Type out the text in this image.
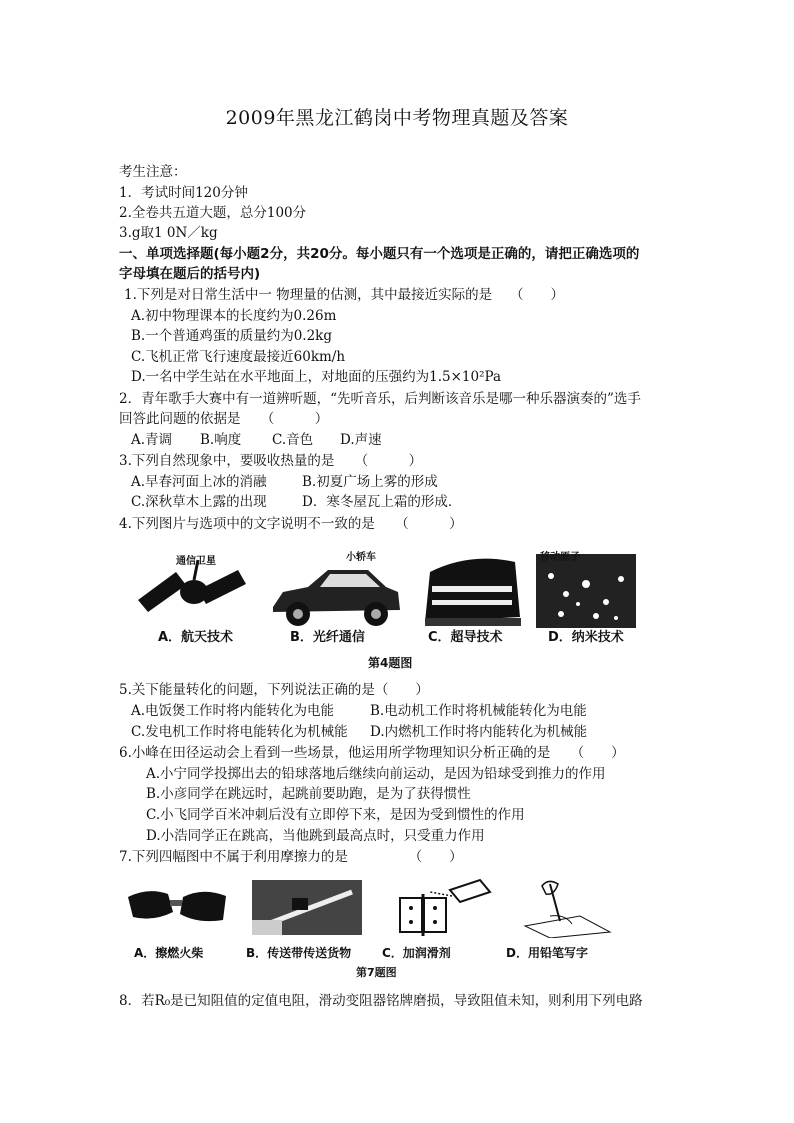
2009年黑龙江鹤岗中考物理真题及答案
考生注意：
1．考试时间120分钟
2.全卷共五道大题，总分100分
3.g取1 0N／kg
一、单项选择题(每小题2分，共20分。每小题只有一个选项是正确的，请把正确选项的
字母填在题后的括号内)
1.下列是对日常生活中一 物理量的估测，其中最接近实际的是　 （　　）
A.初中物理课本的长度约为0.26m
B.一个普通鸡蛋的质量约为0.2kg
C.飞机正常飞行速度最接近60km/h
D.一名中学生站在水平地面上，对地面的压强约为1.5×10²Pa
2．青年歌手大赛中有一道辨听题，“先听音乐，后判断该音乐是哪一种乐器演奏的”选手
回答此问题的依据是　　（　　　）
A.青调 B.响度 C.音色 D.声速
3.下列自然现象中，要吸收热量的是　　（　　　）
A.早春河面上冰的消融	B.初夏广场上雾的形成
C.深秋草木上露的出现	D．寒冬屋瓦上霜的形成．
4.下列图片与选项中的文字说明不一致的是　　（　　　）
通信卫星	小轿车	移动原子
A．航天技术	B．光纤通信	C．超导技术	D．纳米技术
第4题图
5.关下能量转化的问题，下列说法正确的是（　　）
A.电饭煲工作时将内能转化为电能	B.电动机工作时将机械能转化为电能
C.发电机工作时将电能转化为机械能 D.内燃机工作时将内能转化为机械能
6.小峰在田径运动会上看到一些场景，他运用所学物理知识分析正确的是　　（　　）
A.小宁同学投掷出去的铅球落地后继续向前运动，是因为铅球受到推力的作用
B.小彦同学在跳远时，起跳前要助跑，是为了获得惯性
C.小飞同学百米冲刺后没有立即停下来，是因为受到惯性的作用
D.小浩同学正在跳高，当他跳到最高点时，只受重力作用
7.下列四幅图中不属于利用摩擦力的是　　　　　（　　）
A．擦燃火柴	B．传送带传送货物	C．加润滑剂	D．用铅笔写字
第7题图
8．若R₀是已知阻值的定值电阻，滑动变阻器铭牌磨损，导致阻值未知，则利用下列电路
